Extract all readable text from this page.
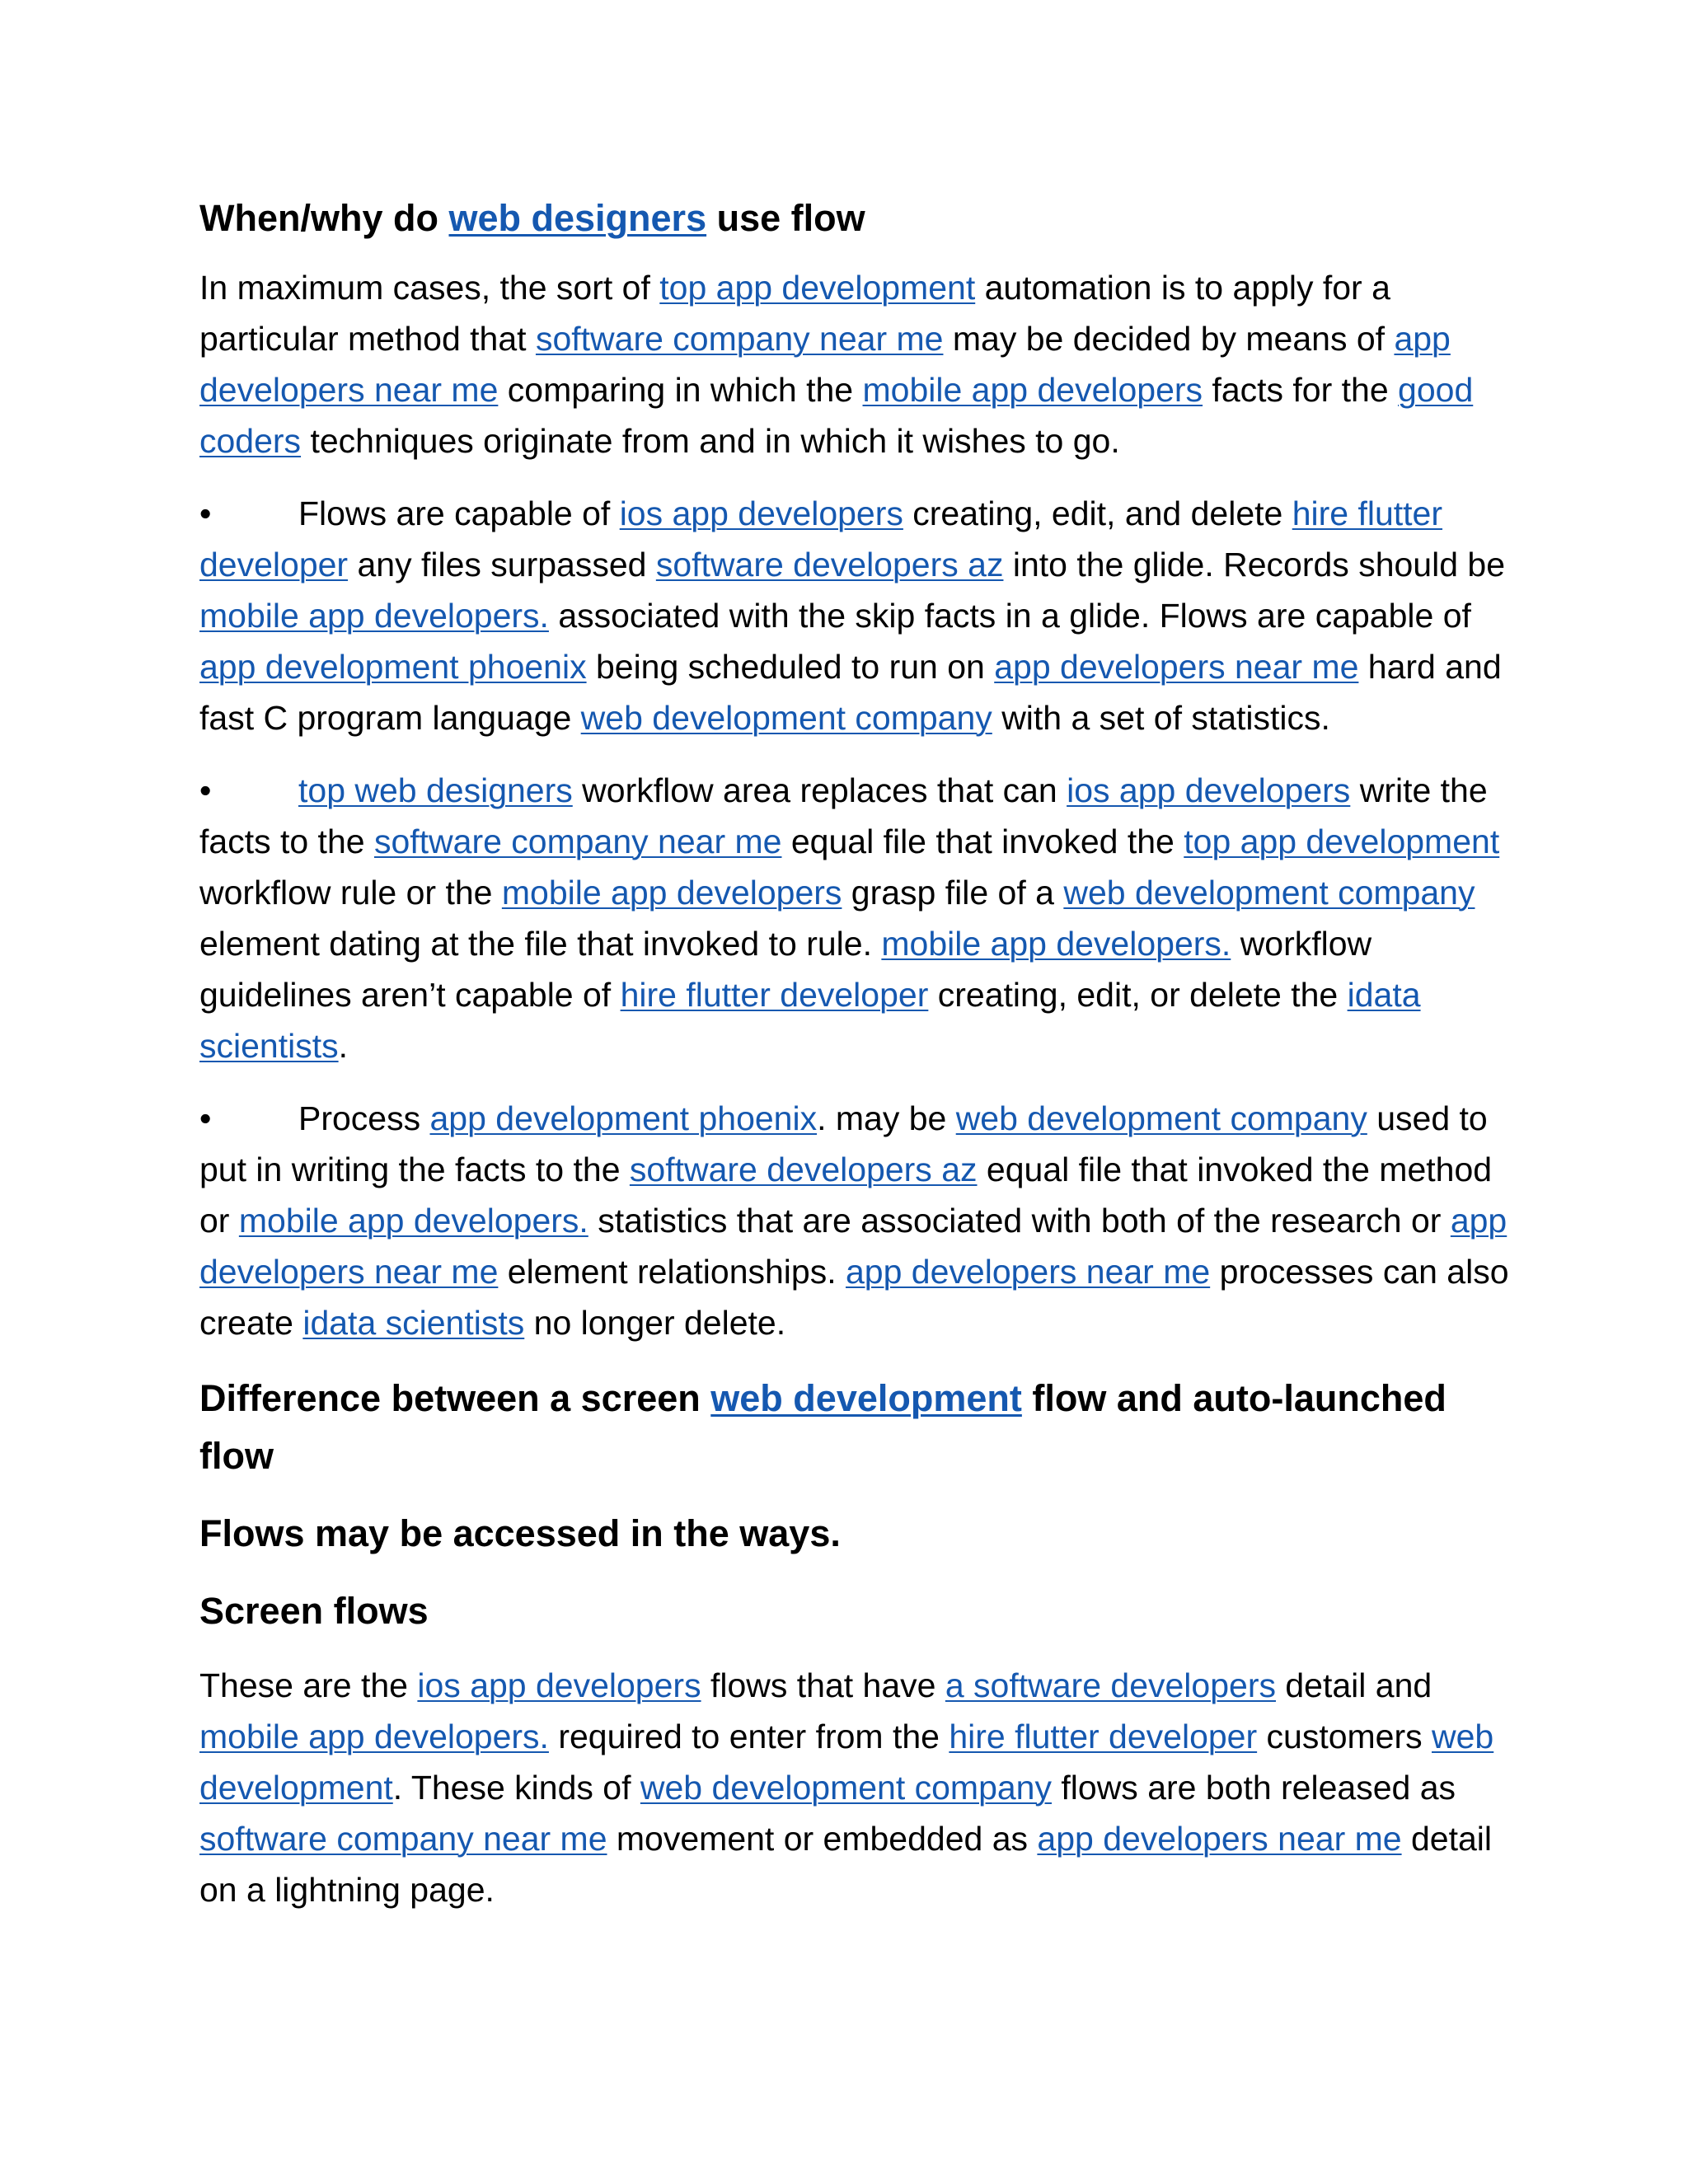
When/why do web designers use flow
In maximum cases, the sort of top app development automation is to apply for a particular method that software company near me may be decided by means of app developers near me comparing in which the mobile app developers facts for the good coders techniques originate from and in which it wishes to go.
•	Flows are capable of ios app developers creating, edit, and delete hire flutter developer any files surpassed software developers az into the glide. Records should be mobile app developers. associated with the skip facts in a glide. Flows are capable of app development phoenix being scheduled to run on app developers near me hard and fast C program language web development company with a set of statistics.
•	top web designers workflow area replaces that can ios app developers write the facts to the software company near me equal file that invoked the top app development workflow rule or the mobile app developers grasp file of a web development company element dating at the file that invoked to rule. mobile app developers. workflow guidelines aren’t capable of hire flutter developer creating, edit, or delete the idata scientists.
•	Process app development phoenix. may be web development company used to put in writing the facts to the software developers az equal file that invoked the method or mobile app developers. statistics that are associated with both of the research or app developers near me element relationships. app developers near me processes can also create idata scientists no longer delete.
Difference between a screen web development flow and auto-launched flow
Flows may be accessed in the ways.
Screen flows
These are the ios app developers flows that have a software developers detail and mobile app developers. required to enter from the hire flutter developer customers web development. These kinds of web development company flows are both released as software company near me movement or embedded as app developers near me detail on a lightning page.
